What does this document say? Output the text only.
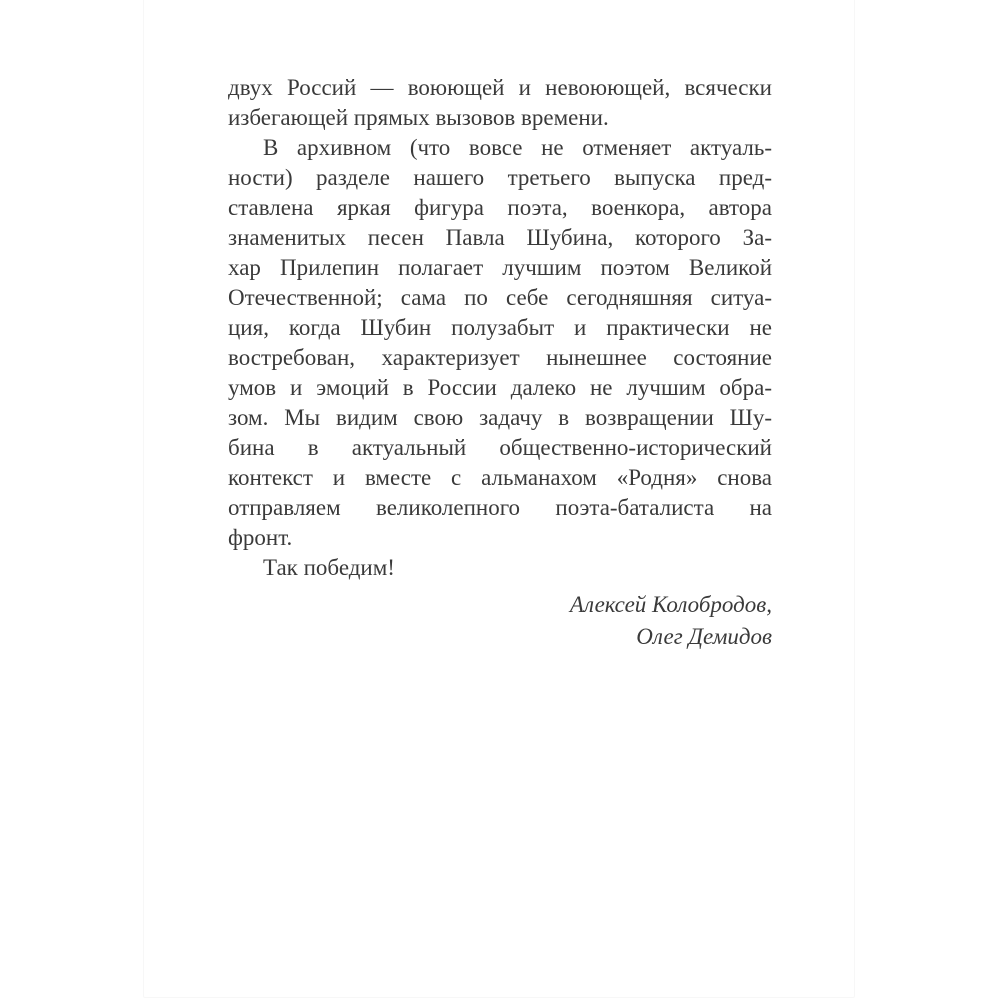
двух Россий — воюющей и невоюющей, всячески
избегающей прямых вызовов времени.
В архивном (что вовсе не отменяет актуаль-
ности) разделе нашего третьего выпуска пред-
ставлена яркая фигура поэта, военкора, автора
знаменитых песен Павла Шубина, которого За-
хар Прилепин полагает лучшим поэтом Великой
Отечественной; сама по себе сегодняшняя ситуа-
ция, когда Шубин полузабыт и практически не
востребован, характеризует нынешнее состояние
умов и эмоций в России далеко не лучшим обра-
зом. Мы видим свою задачу в возвращении Шу-
бина в актуальный общественно-исторический
контекст и вместе с альманахом «Родня» снова
отправляем великолепного поэта-баталиста на
фронт.
Так победим!
Алексей Колобродов,
Олег Демидов
